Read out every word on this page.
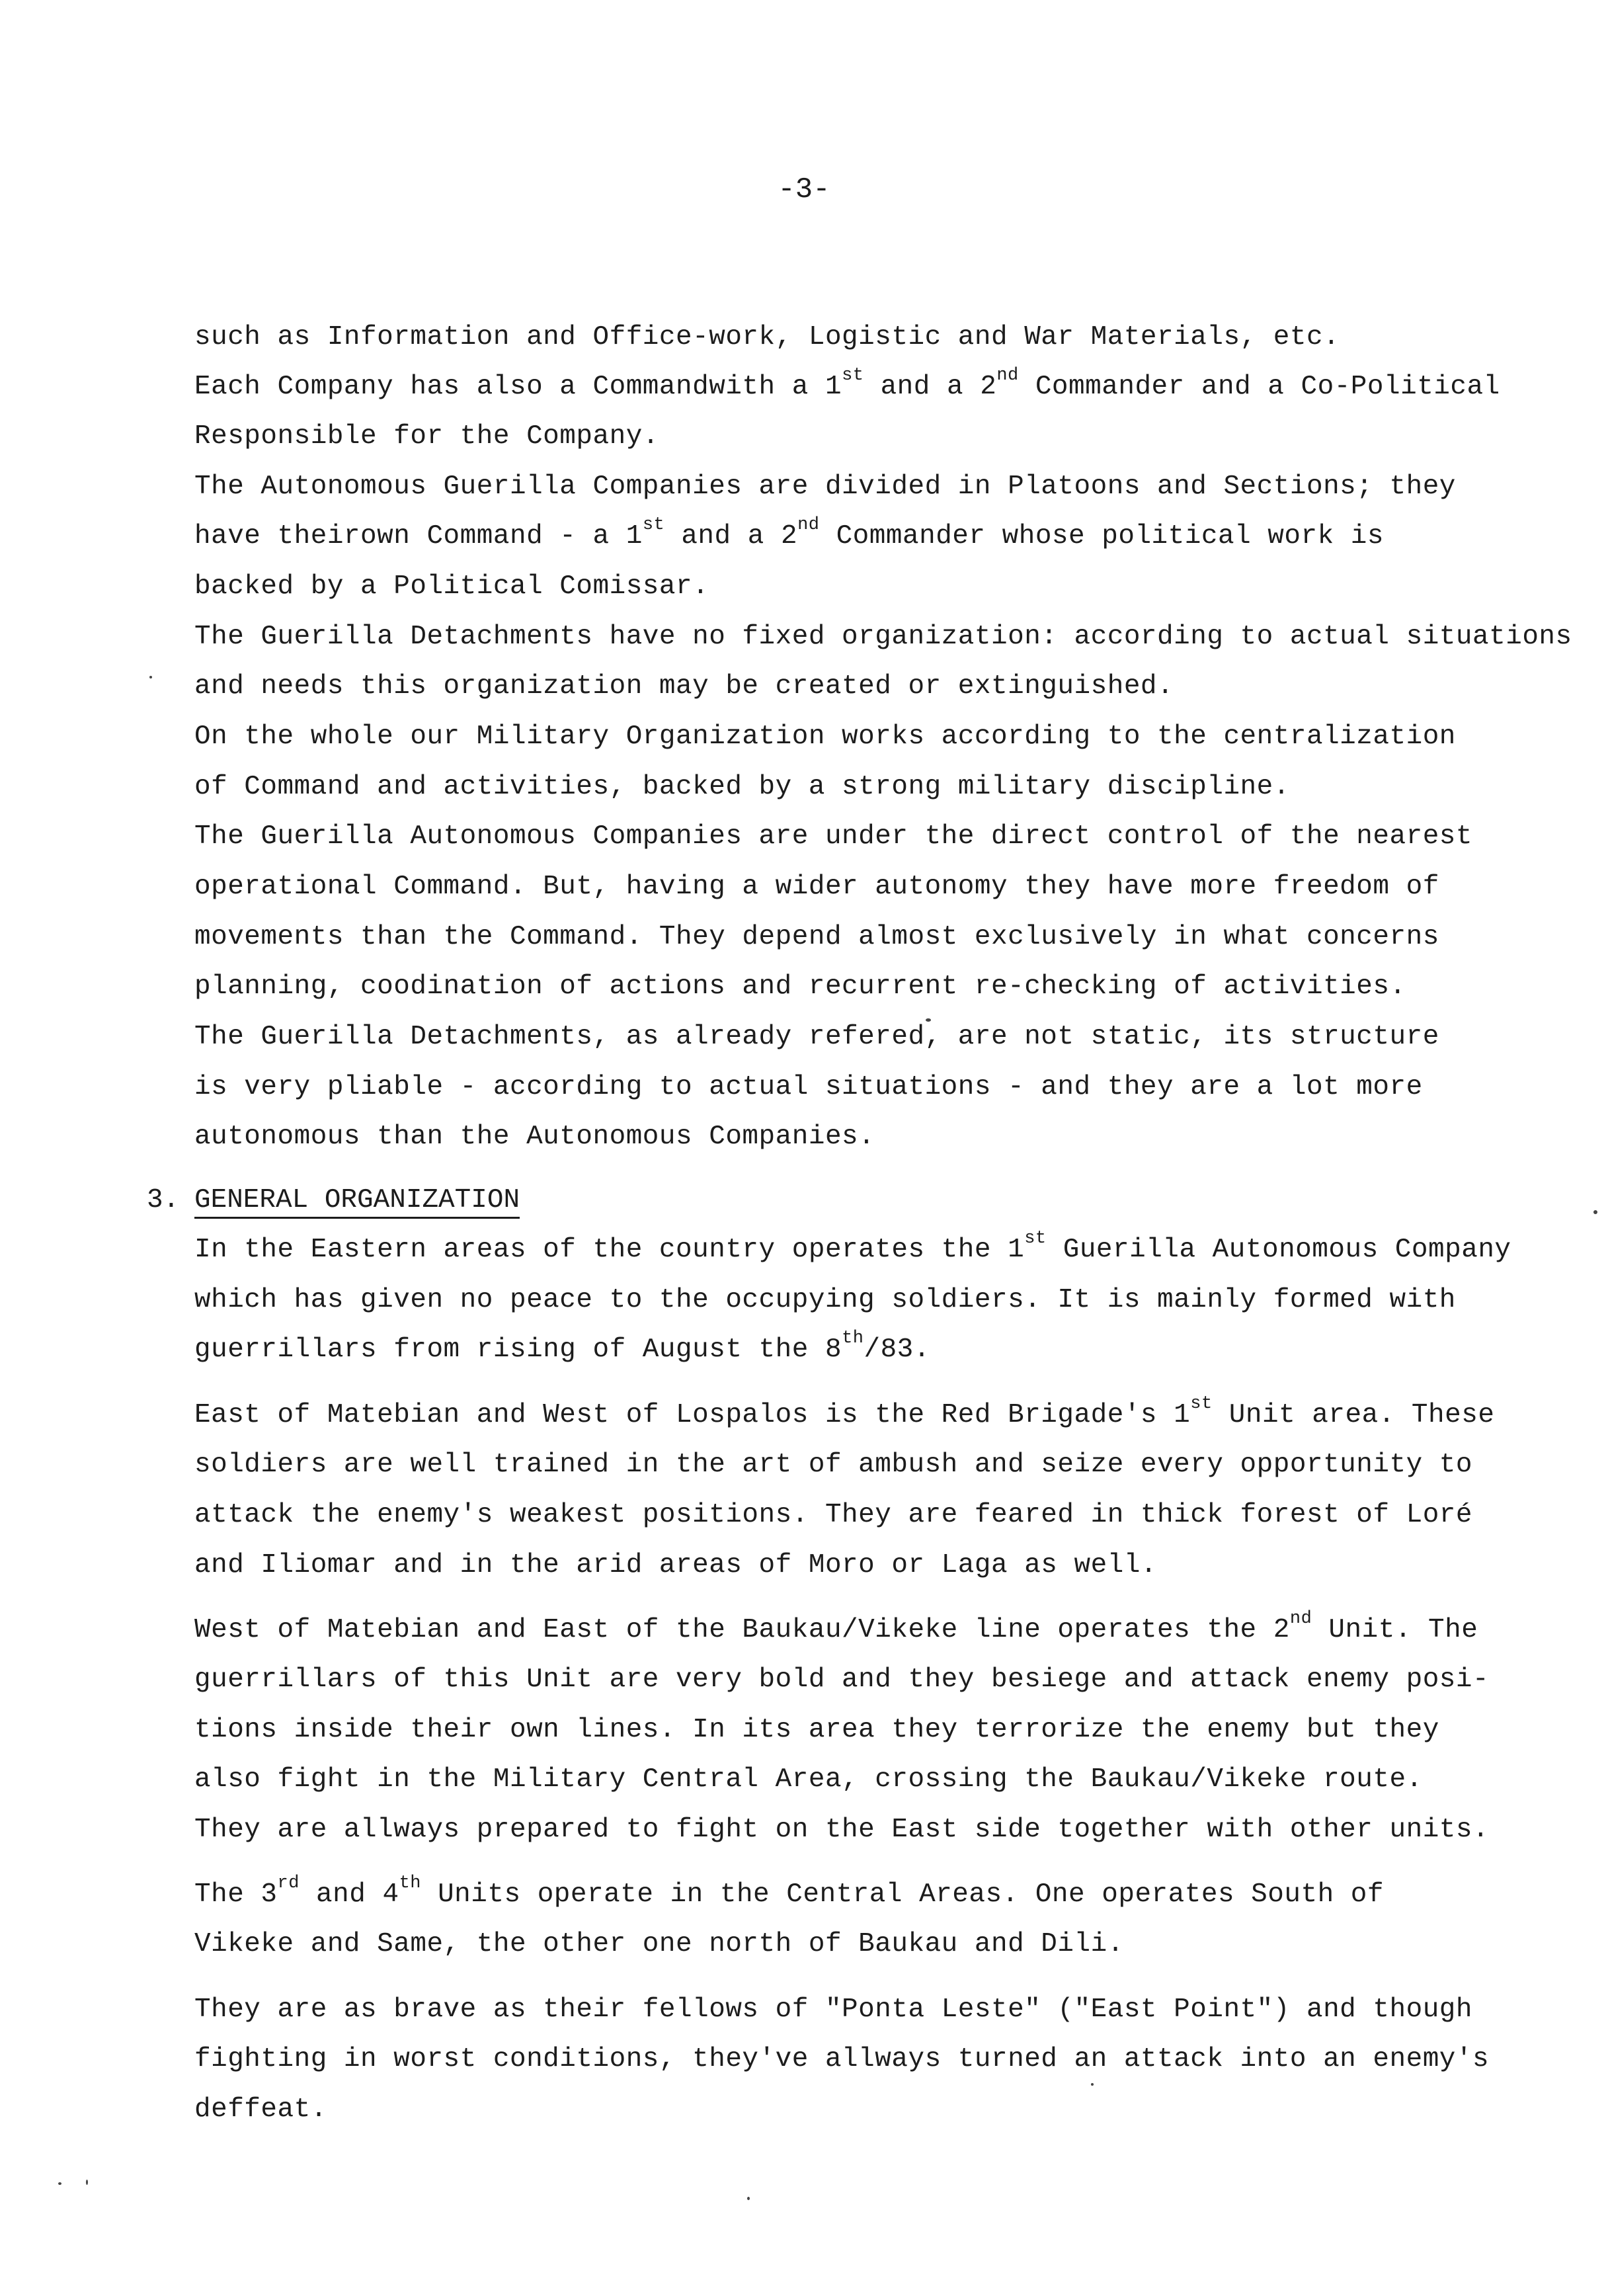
-3-
such as Information and Office-work, Logistic and War Materials, etc.
Each Company has also a Commandwith a 1st and a 2nd Commander and a Co-Political
Responsible for the Company.
The Autonomous Guerilla Companies are divided in Platoons and Sections; they
have theirown Command - a 1st and a 2nd Commander whose political work is
backed by a Political Comissar.
The Guerilla Detachments have no fixed organization: according to actual situations
and needs this organization may be created or extinguished.
On the whole our Military Organization works according to the centralization
of Command and activities, backed by a strong military discipline.
The Guerilla Autonomous Companies are under the direct control of the nearest
operational Command. But, having a wider autonomy they have more freedom of
movements than the Command. They depend almost exclusively in what concerns
planning, coodination of actions and recurrent re-checking of activities.
The Guerilla Detachments, as already refered, are not static, its structure
is very pliable - according to actual situations - and they are a lot more
autonomous than the Autonomous Companies.
3. GENERAL ORGANIZATION
In the Eastern areas of the country operates the 1st Guerilla Autonomous Company
which has given no peace to the occupying soldiers. It is mainly formed with
guerrillars from rising of August the 8th/83.
East of Matebian and West of Lospalos is the Red Brigade's 1st Unit area. These
soldiers are well trained in the art of ambush and seize every opportunity to
attack the enemy's weakest positions. They are feared in thick forest of Loré
and Iliomar and in the arid areas of Moro or Laga as well.
West of Matebian and East of the Baukau/Vikeke line operates the 2nd Unit. The
guerrillars of this Unit are very bold and they besiege and attack enemy posi-
tions inside their own lines. In its area they terrorize the enemy but they
also fight in the Military Central Area, crossing the Baukau/Vikeke route.
They are allways prepared to fight on the East side together with other units.
The 3rd and 4th Units operate in the Central Areas. One operates South of
Vikeke and Same, the other one north of Baukau and Dili.
They are as brave as their fellows of "Ponta Leste" ("East Point") and though
fighting in worst conditions, they've allways turned an attack into an enemy's
deffeat.
